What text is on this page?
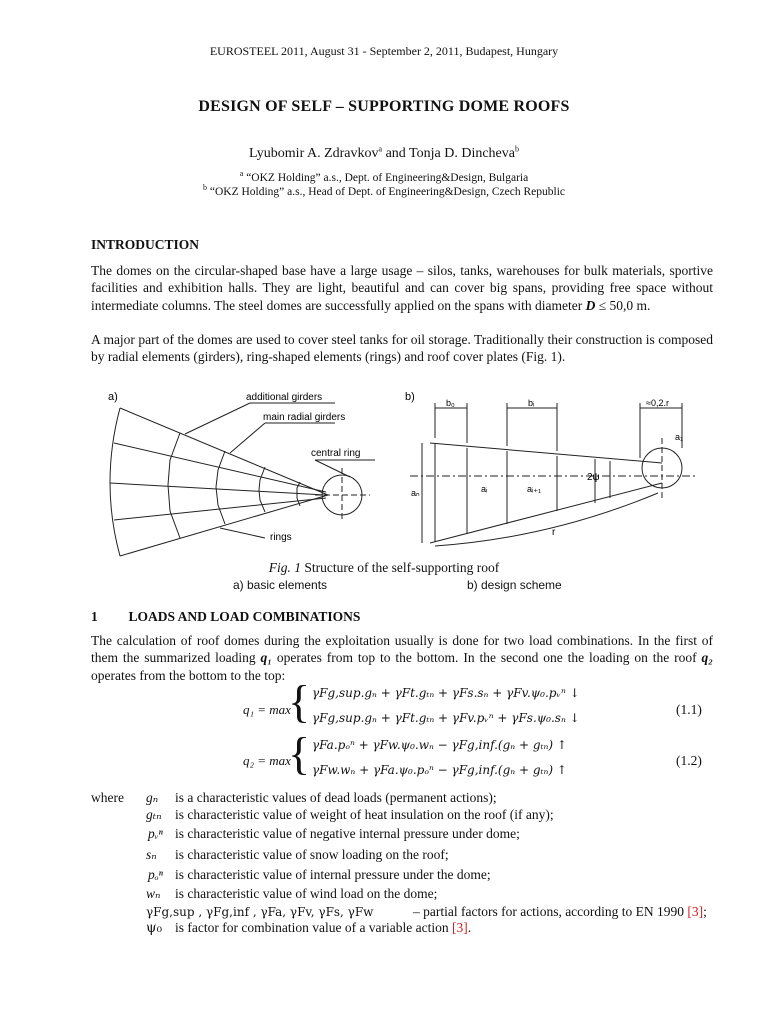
EUROSTEEL 2011, August 31 - September 2, 2011, Budapest, Hungary
DESIGN OF SELF – SUPPORTING DOME ROOFS
Lyubomir A. Zdravkov$^a$ and Tonja D. Dincheva$^b$
$^a$ “OKZ Holding” a.s., Dept. of Engineering&Design, Bulgaria
$^b$ “OKZ Holding” a.s., Head of Dept. of Engineering&Design, Czech Republic
INTRODUCTION
The domes on the circular-shaped base have a large usage – silos, tanks, warehouses for bulk materials, sportive facilities and exhibition halls. They are light, beautiful and can cover big spans, providing free space without intermediate columns. The steel domes are successfully applied on the spans with diameter D ≤ 50,0 m.
A major part of the domes are used to cover steel tanks for oil storage. Traditionally their construction is composed by radial elements (girders), ring-shaped elements (rings) and roof cover plates (Fig. 1).
a)	additional girders
main radial girders
central ring
rings
b)	b₀	bᵢ	≈0,2.r
aₙ	aᵢ	aᵢ₊₁
a₁
2ψ
r
Fig. 1 Structure of the self-supporting roof
a) basic elements	b) design scheme
1 LOADS AND LOAD COMBINATIONS
The calculation of roof domes during the exploitation usually is done for two load combinations. In the first of them the summarized loading q₁ operates from top to the bottom. In the second one the loading on the roof q₂ operates from the bottom to the top:
q₁ = max
{ γFg,sup.gₙ + γFt.gₜₙ + γFs.sₙ + γFv.ψ₀.pᵥⁿ ↓
γFg,sup.gₙ + γFt.gₜₙ + γFv.pᵥⁿ + γFs.ψ₀.sₙ ↓
(1.1)
q₂ = max
{ γFa.pₒⁿ + γFw.ψ₀.wₙ − γFg,inf.(gₙ + gₜₙ) ↑
γFw.wₙ + γFa.ψ₀.pₒⁿ − γFg,inf.(gₙ + gₜₙ) ↑
(1.2)
where gₙ is a characteristic values of dead loads (permanent actions);
gₜₙ is characteristic value of weight of heat insulation on the roof (if any);
pᵥⁿ is characteristic value of negative internal pressure under dome;
sₙ is characteristic value of snow loading on the roof;
pₒⁿ is characteristic value of internal pressure under the dome;
wₙ is characteristic value of wind load on the dome;
γFg,sup , γFg,inf , γFa, γFv, γFs, γFw	– partial factors for actions, according to EN 1990 [3];
ψ₀ is factor for combination value of a variable action [3].
